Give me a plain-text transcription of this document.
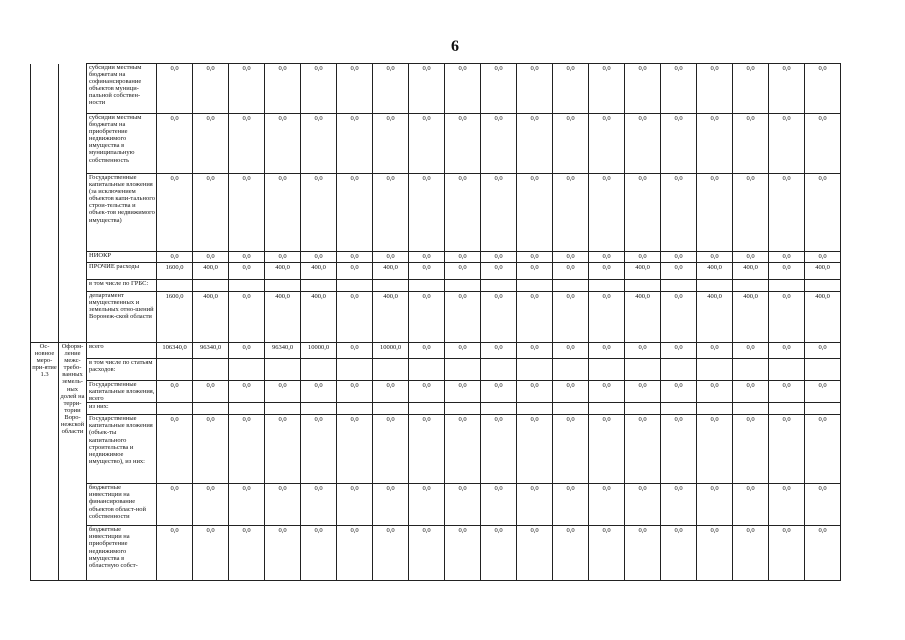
6
		субсидии местным бюджетам на софинансирование объектов муници-пальной собствен-ности	0,0	0,0	0,0	0,0	0,0	0,0	0,0	0,0	0,0	0,0	0,0	0,0	0,0	0,0	0,0	0,0	0,0	0,0	0,0
		субсидии местным бюджетам на приобретение недвижимого имущества в муниципальную собственность	0,0	0,0	0,0	0,0	0,0	0,0	0,0	0,0	0,0	0,0	0,0	0,0	0,0	0,0	0,0	0,0	0,0	0,0	0,0
		Государственные капитальные вложения (за исключением объектов капи-тального строи-тельства и объек-тов недвижимого имущества)	0,0	0,0	0,0	0,0	0,0	0,0	0,0	0,0	0,0	0,0	0,0	0,0	0,0	0,0	0,0	0,0	0,0	0,0	0,0
		НИОКР	0,0	0,0	0,0	0,0	0,0	0,0	0,0	0,0	0,0	0,0	0,0	0,0	0,0	0,0	0,0	0,0	0,0	0,0	0,0
		ПРОЧИЕ расходы	1600,0	400,0	0,0	400,0	400,0	0,0	400,0	0,0	0,0	0,0	0,0	0,0	0,0	400,0	0,0	400,0	400,0	0,0	400,0
		в том числе по ГРБС:																			
		департамент имущественных и земельных отно-шений Воронеж-ской области	1600,0	400,0	0,0	400,0	400,0	0,0	400,0	0,0	0,0	0,0	0,0	0,0	0,0	400,0	0,0	400,0	400,0	0,0	400,0
Ос-новное меро-при-ятие 1.3	Оформ-ление межс-требо-ванных земель-ных долей на терри-тории Воро-нежской области	всего	106340,0	96340,0	0,0	96340,0	10000,0	0,0	10000,0	0,0	0,0	0,0	0,0	0,0	0,0	0,0	0,0	0,0	0,0	0,0	0,0
		в том числе по статьям расходов:																			
		Государственные капитальные вложения, всего	0,0	0,0	0,0	0,0	0,0	0,0	0,0	0,0	0,0	0,0	0,0	0,0	0,0	0,0	0,0	0,0	0,0	0,0	0,0
		из них:																			
		Государственные капитальные вложения (объек-ты капитального строительства и недвижимое имущество), из них:	0,0	0,0	0,0	0,0	0,0	0,0	0,0	0,0	0,0	0,0	0,0	0,0	0,0	0,0	0,0	0,0	0,0	0,0	0,0
		бюджетные инвестиции на финансирование объектов област-ной собственности	0,0	0,0	0,0	0,0	0,0	0,0	0,0	0,0	0,0	0,0	0,0	0,0	0,0	0,0	0,0	0,0	0,0	0,0	0,0
		бюджетные инвестиции на приобретение недвижимого имущества в областную собст-	0,0	0,0	0,0	0,0	0,0	0,0	0,0	0,0	0,0	0,0	0,0	0,0	0,0	0,0	0,0	0,0	0,0	0,0	0,0
